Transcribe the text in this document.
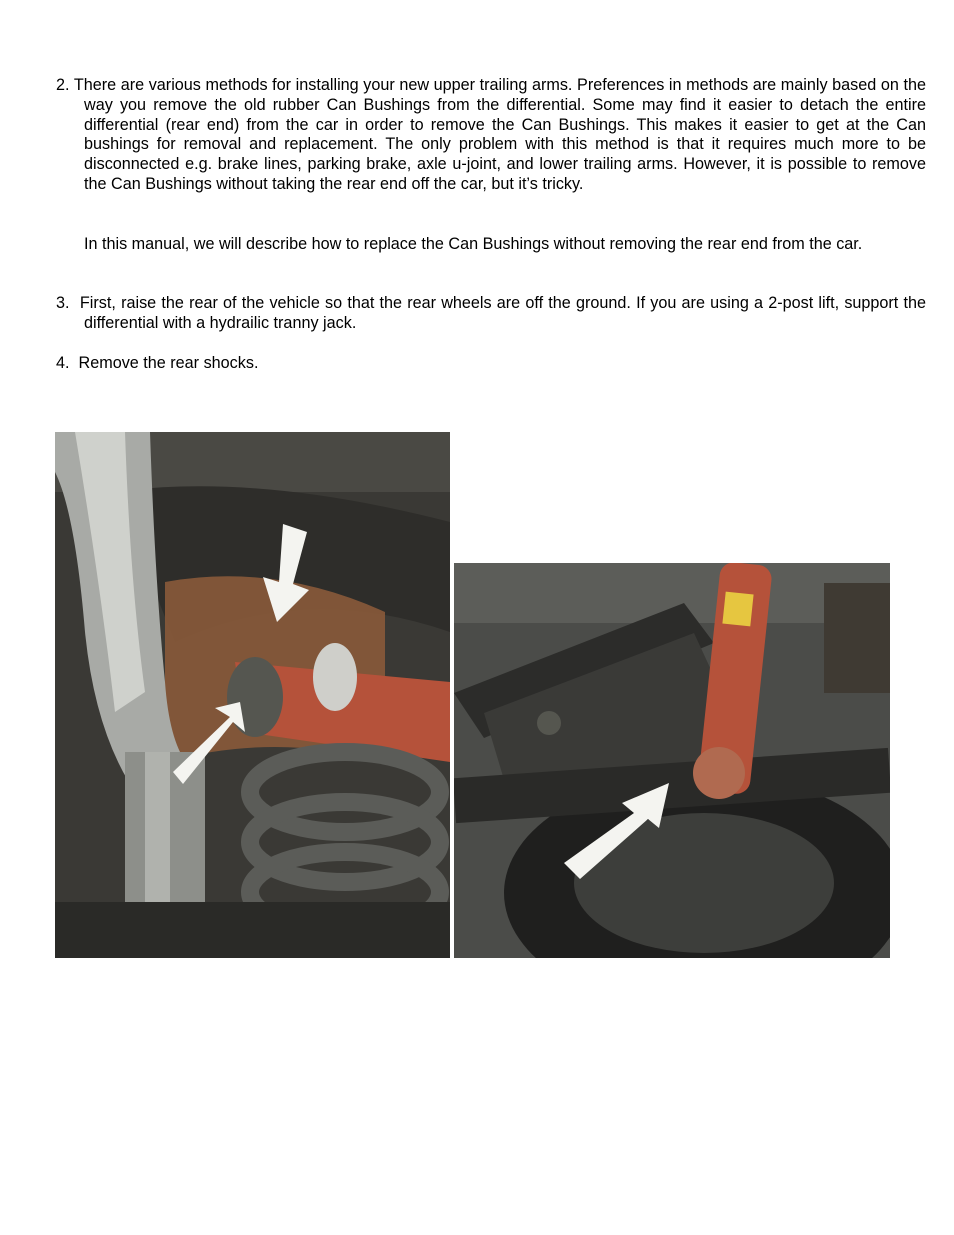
2. There are various methods for installing your new upper trailing arms. Preferences in methods are mainly based on the way you remove the old rubber Can Bushings from the differential. Some may find it easier to detach the entire differential (rear end) from the car in order to remove the Can Bushings. This makes it easier to get at the Can bushings for removal and replacement. The only problem with this method is that it requires much more to be disconnected e.g. brake lines, parking brake, axle u-joint, and lower trailing arms. However, it is possible to remove the Can Bushings without taking the rear end off the car, but it’s tricky.

In this manual, we will describe how to replace the Can Bushings without removing the rear end from the car.

3. First, raise the rear of the vehicle so that the rear wheels are off the ground. If you are using a 2-post lift, support the differential with a hydrailic tranny jack.

4. Remove the rear shocks.
